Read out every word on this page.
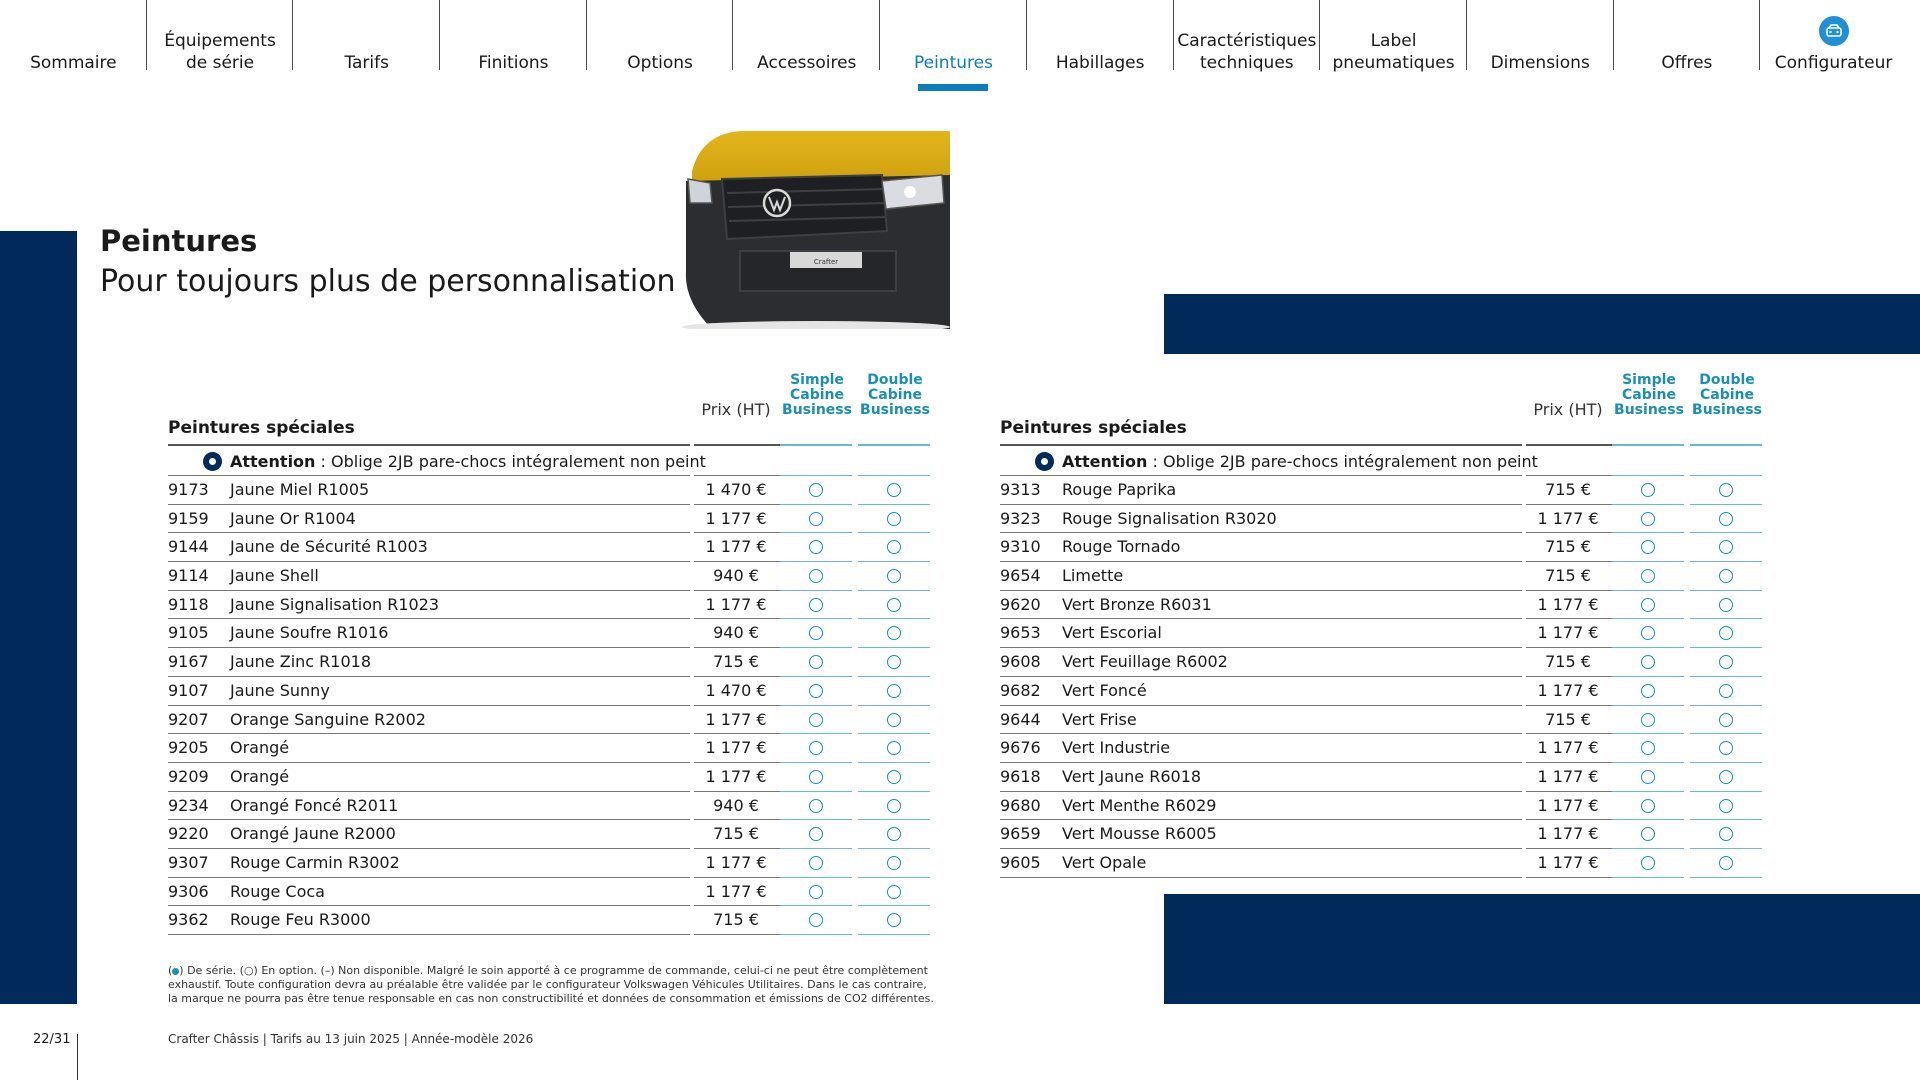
Sommaire
Équipements
de série	Tarifs	Finitions	Options	Accessoires	Peintures	Habillages
Caractéristiques
techniques
Label
pneumatiques Dimensions	Offres	Configurateur
Peintures
Pour toujours plus de personnalisation
Crafter
Peintures spéciales
Prix (HT)
Simple
Cabine
Business
Double
Cabine
Business
Attention : Oblige 2JB pare-chocs intégralement non peint
9173 Jaune Miel R1005	1 470 €
9159 Jaune Or R1004	1 177 €
9144 Jaune de Sécurité R1003	1 177 €
9114 Jaune Shell	940 €
9118 Jaune Signalisation R1023	1 177 €
9105 Jaune Soufre R1016	940 €
9167 Jaune Zinc R1018	715 €
9107 Jaune Sunny	1 470 €
9207 Orange Sanguine R2002	1 177 €
9205 Orangé	1 177 €
9209 Orangé	1 177 €
9234 Orangé Foncé R2011	940 €
9220 Orangé Jaune R2000	715 €
9307 Rouge Carmin R3002	1 177 €
9306 Rouge Coca	1 177 €
9362 Rouge Feu R3000	715 €
Peintures spéciales
Prix (HT)
Simple
Cabine
Business
Double
Cabine
Business
Attention : Oblige 2JB pare-chocs intégralement non peint
9313 Rouge Paprika	715 €
9323 Rouge Signalisation R3020	1 177 €
9310 Rouge Tornado	715 €
9654 Limette	715 €
9620 Vert Bronze R6031	1 177 €
9653 Vert Escorial	1 177 €
9608 Vert Feuillage R6002	715 €
9682 Vert Foncé	1 177 €
9644 Vert Frise	715 €
9676 Vert Industrie	1 177 €
9618 Vert Jaune R6018	1 177 €
9680 Vert Menthe R6029	1 177 €
9659 Vert Mousse R6005	1 177 €
9605 Vert Opale	1 177 €
( ) De série. (○) En option. (–) Non disponible. Malgré le soin apporté à ce programme de commande, celui-ci ne peut être complètement exhaustif. Toute configuration devra au préalable être validée par le configurateur Volkswagen Véhicules Utilitaires. Dans le cas contraire, la marque ne pourra pas être tenue responsable en cas non constructibilité et données de consommation et émissions de CO2 différentes.
22/31	Crafter Châssis | Tarifs au 13 juin 2025 | Année-modèle 2026
